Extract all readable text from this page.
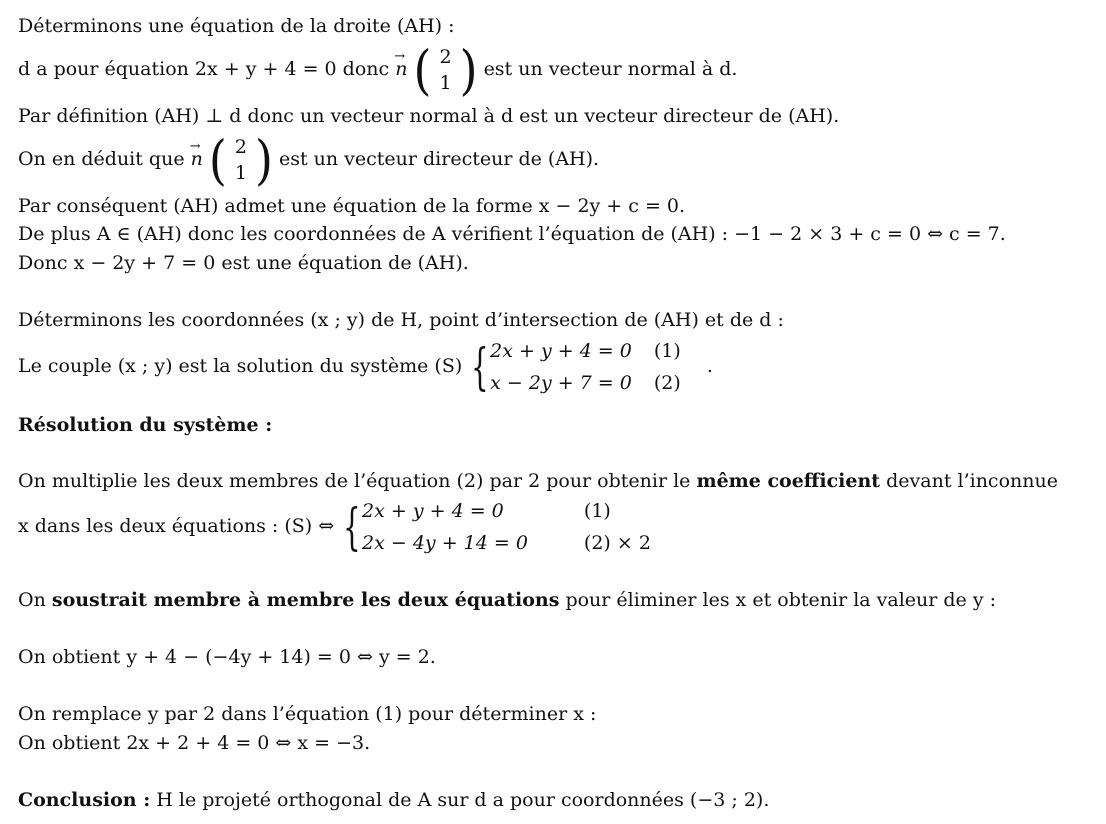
Déterminons une équation de la droite (AH) :
d a pour équation 2x + y + 4 = 0 donc → n ( 2
1 ) est un vecteur normal à d.
Par définition (AH) ⊥ d donc un vecteur normal à d est un vecteur directeur de (AH).
On en déduit que → n ( 2
1 ) est un vecteur directeur de (AH).
Par conséquent (AH) admet une équation de la forme x − 2y + c = 0.
De plus A ∈ (AH) donc les coordonnées de A vérifient l’équation de (AH) : −1 − 2 × 3 + c = 0 ⇔ c = 7.
Donc x − 2y + 7 = 0 est une équation de (AH).
Déterminons les coordonnées (x ; y) de H, point d’intersection de (AH) et de d :
Le couple (x ; y) est la solution du système (S) { 2x + y + 4 = 0 (1)
x − 2y + 7 = 0 (2)
.
Résolution du système :
On multiplie les deux membres de l’équation (2) par 2 pour obtenir le même coefficient devant l’inconnue
x dans les deux équations : (S) ⇔ { 2x + y + 4 = 0	(1)
2x − 4y + 14 = 0	(2) × 2
On soustrait membre à membre les deux équations pour éliminer les x et obtenir la valeur de y :
On obtient y + 4 − (−4y + 14) = 0 ⇔ y = 2.
On remplace y par 2 dans l’équation (1) pour déterminer x :
On obtient 2x + 2 + 4 = 0 ⇔ x = −3.
Conclusion : H le projeté orthogonal de A sur d a pour coordonnées (−3 ; 2).
